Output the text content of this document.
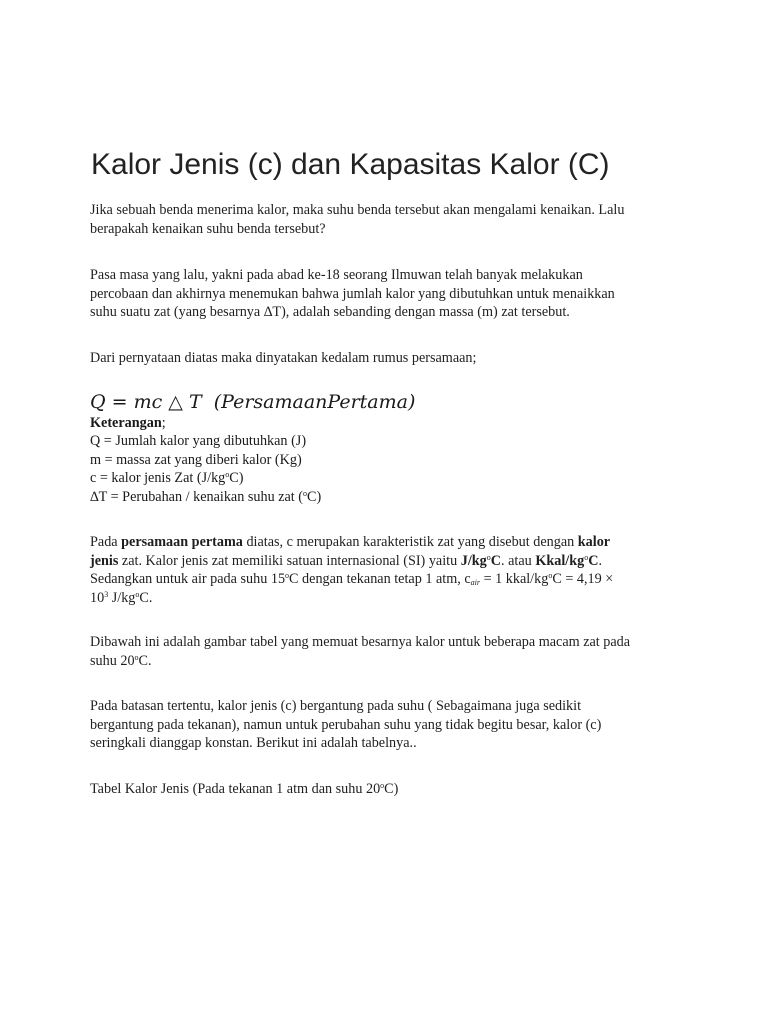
Kalor Jenis (c) dan Kapasitas Kalor (C)
Jika sebuah benda menerima kalor, maka suhu benda tersebut akan mengalami kenaikan. Lalu
berapakah kenaikan suhu benda tersebut?
Pasa masa yang lalu, yakni pada abad ke-18 seorang Ilmuwan telah banyak melakukan
percobaan dan akhirnya menemukan bahwa jumlah kalor yang dibutuhkan untuk menaikkan
suhu suatu zat (yang besarnya ∆T), adalah sebanding dengan massa (m) zat tersebut.
Dari pernyataan diatas maka dinyatakan kedalam rumus persamaan;
Q = mc △ T (PersamaanPertama)
Keterangan;
Q = Jumlah kalor yang dibutuhkan (J)
m = massa zat yang diberi kalor (Kg)
c = kalor jenis Zat $(J/kg^oC)$
∆T = Perubahan / kenaikan suhu zat ($^o$C)
Pada persamaan pertama diatas, c merupakan karakteristik zat yang disebut dengan kalor
jenis zat. Kalor jenis zat memiliki satuan internasional (SI) yaitu $J/kg^oC$. atau Kkal/$kg^oC$.
Sedangkan untuk air pada suhu 15$^o$C dengan tekanan tetap 1 atm, $c_{air} = 1$ kkal/$kg^oC = 4,19$ ×
$10^3$ $J/kg^oC$.
Dibawah ini adalah gambar tabel yang memuat besarnya kalor untuk beberapa macam zat pada
suhu 20$^o$C.
Pada batasan tertentu, kalor jenis (c) bergantung pada suhu ( Sebagaimana juga sedikit
bergantung pada tekanan), namun untuk perubahan suhu yang tidak begitu besar, kalor (c)
seringkali dianggap konstan. Berikut ini adalah tabelnya..
Tabel Kalor Jenis (Pada tekanan 1 atm dan suhu 20$^o$C)
